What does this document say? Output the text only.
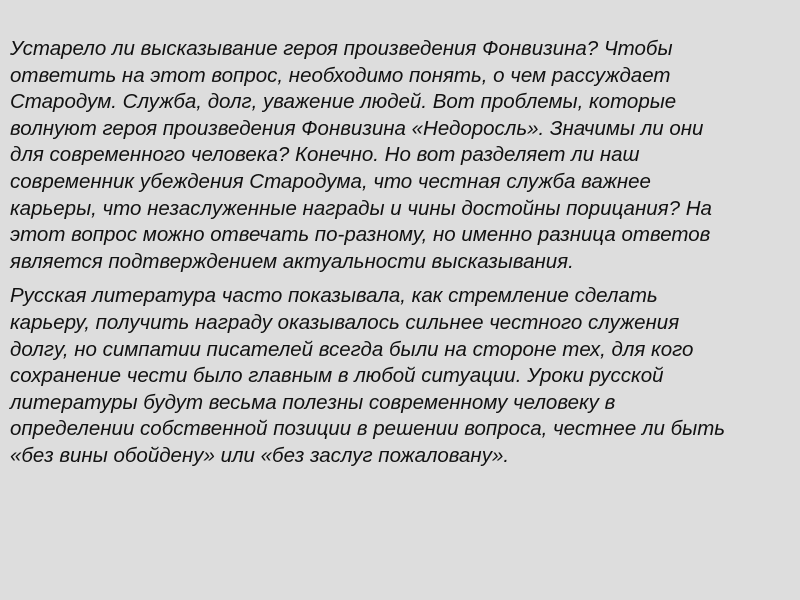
Устарело ли высказывание героя произведения Фонвизина? Чтобы
ответить на этот вопрос, необходимо понять, о чем рассуждает
Стародум. Служба, долг, уважение людей. Вот проблемы, которые
волнуют героя произведения Фонвизина «Недоросль». Значимы ли они
для современного человека? Конечно. Но вот разделяет ли наш
современник убеждения Стародума, что честная служба важнее
карьеры, что незаслуженные награды и чины достойны порицания? На
этот вопрос можно отвечать по-разному, но именно разница ответов
является подтверждением актуальности высказывания.

Русская литература часто показывала, как стремление сделать
карьеру, получить награду оказывалось сильнее честного служения
долгу, но симпатии писателей всегда были на стороне тех, для кого
сохранение чести было главным в любой ситуации. Уроки русской
литературы будут весьма полезны современному человеку в
определении собственной позиции в решении вопроса, честнее ли быть
«без вины обойдену» или «без заслуг пожаловану».
